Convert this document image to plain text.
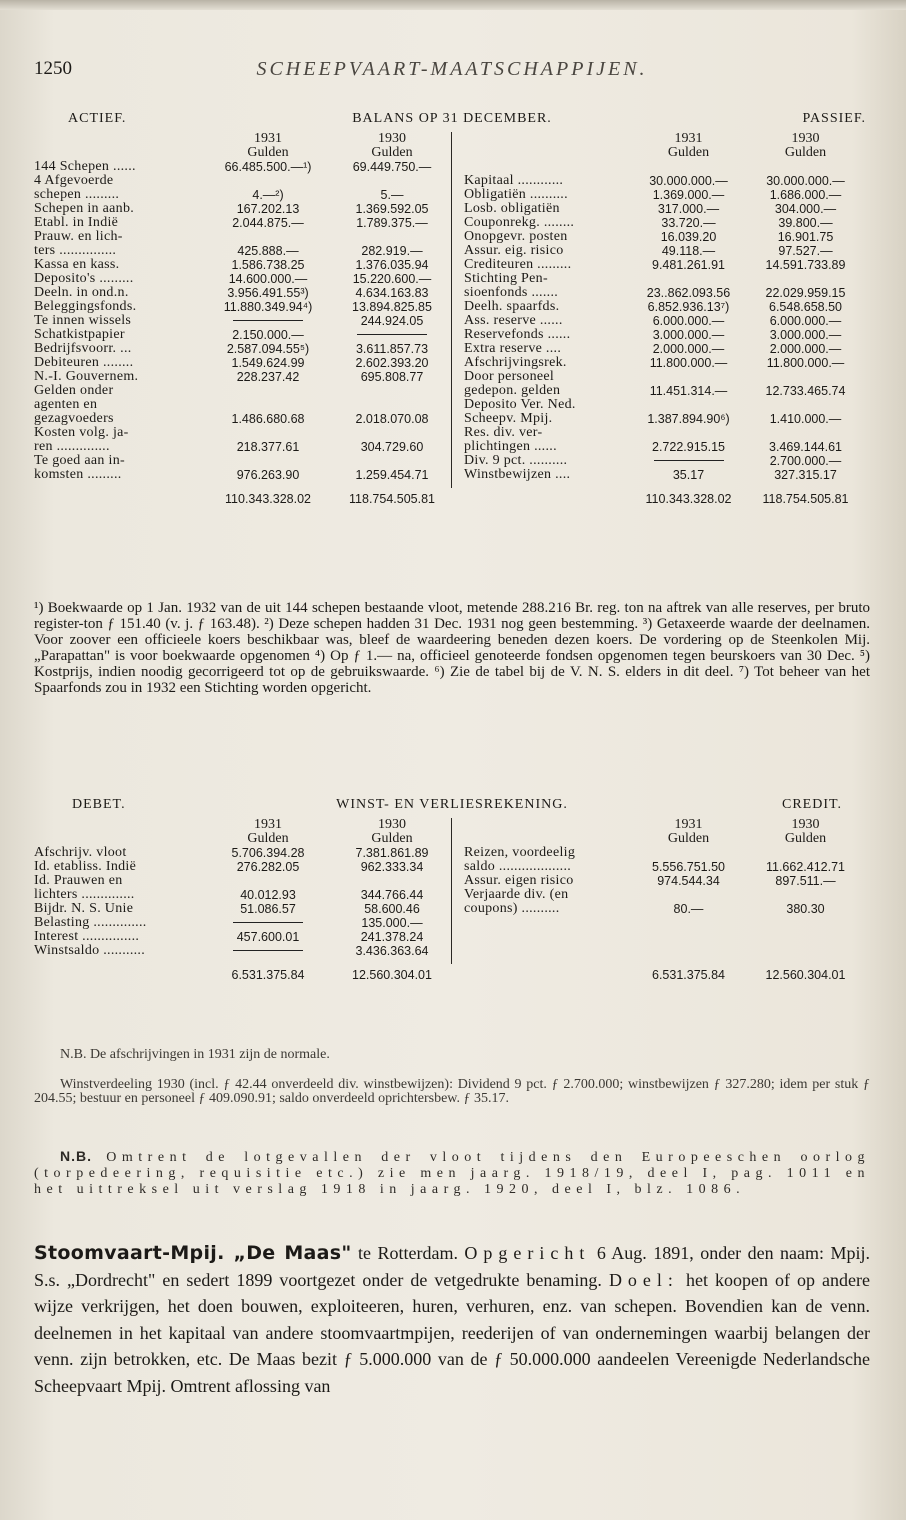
1250	SCHEEPVAART-MAATSCHAPPIJEN.
ACTIEF.	BALANS OP 31 DECEMBER.	PASSIEF.
	1931	1930
	Gulden	Gulden
144 Schepen ......	66.485.500.—¹)	69.449.750.—
4 Afgevoerde		
schepen .........	4.—²)	5.—
Schepen in aanb.	167.202.13	1.369.592.05
Etabl. in Indië	2.044.875.—	1.789.375.—
Prauw. en lich-		
ters ...............	425.888.—	282.919.—
Kassa en kass.	1.586.738.25	1.376.035.94
Deposito's .........	14.600.000.—	15.220.600.—
Deeln. in ond.n.	3.956.491.55³)	4.634.163.83
Beleggingsfonds.	11.880.349.94⁴)	13.894.825.85
Te innen wissels		244.924.05
Schatkistpapier	2.150.000.—	
Bedrijfsvoorr. ...	2.587.094.55⁵)	3.611.857.73
Debiteuren ........	1.549.624.99	2.602.393.20
N.-I. Gouvernem.	228.237.42	695.808.77
Gelden onder		
agenten en		
gezagvoeders	1.486.680.68	2.018.070.08
Kosten volg. ja-		
ren ..............	218.377.61	304.729.60
Te goed aan in-		
komsten .........	976.263.90	1.259.454.71
	110.343.328.02	118.754.505.81
	1931	1930
	Gulden	Gulden

Kapitaal ............	30.000.000.—	30.000.000.—
Obligatiën ..........	1.369.000.—	1.686.000.—
Losb. obligatiën	317.000.—	304.000.—
Couponrekg. ........	33.720.—	39.800.—
Onopgevr. posten	16.039.20	16.901.75
Assur. eig. risico	49.118.—	97.527.—
Crediteuren .........	9.481.261.91	14.591.733.89
Stichting Pen-		
sioenfonds .......	23..862.093.56	22.029.959.15
Deelh. spaarfds.	6.852.936.13⁷)	6.548.658.50
Ass. reserve ......	6.000.000.—	6.000.000.—
Reservefonds ......	3.000.000.—	3.000.000.—
Extra reserve ....	2.000.000.—	2.000.000.—
Afschrijvingsrek.	11.800.000.—	11.800.000.—
Door personeel		
gedepon. gelden	11.451.314.—	12.733.465.74
Deposito Ver. Ned.		
Scheepv. Mpij.	1.387.894.90⁶)	1.410.000.—
Res. div. ver-		
plichtingen ......	2.722.915.15	3.469.144.61
Div. 9 pct. ..........		2.700.000.—
Winstbewijzen ....	35.17	327.315.17
	110.343.328.02	118.754.505.81
¹) Boekwaarde op 1 Jan. 1932 van de uit 144 schepen bestaande vloot, metende 288.216 Br. reg. ton na aftrek van alle reserves, per bruto register-ton ƒ 151.40 (v. j. ƒ 163.48). ²) Deze schepen hadden 31 Dec. 1931 nog geen bestemming. ³) Getaxeerde waarde der deelnamen. Voor zoover een officieele koers beschikbaar was, bleef de waardeering beneden dezen koers. De vordering op de Steenkolen Mij. „Parapattan" is voor boekwaarde opgenomen ⁴) Op ƒ 1.— na, officieel genoteerde fondsen opgenomen tegen beurskoers van 30 Dec. ⁵) Kostprijs, indien noodig gecorrigeerd tot op de gebruikswaarde. ⁶) Zie de tabel bij de V. N. S. elders in dit deel. ⁷) Tot beheer van het Spaarfonds zou in 1932 een Stichting worden opgericht.
DEBET.	WINST- EN VERLIESREKENING.	CREDIT.
	1931	1930
	Gulden	Gulden
Afschrijv. vloot	5.706.394.28	7.381.861.89
Id. etabliss. Indië	276.282.05	962.333.34
Id. Prauwen en		
lichters ..............	40.012.93	344.766.44
Bijdr. N. S. Unie	51.086.57	58.600.46
Belasting ..............		135.000.—
Interest ...............	457.600.01	241.378.24
Winstsaldo ...........		3.436.363.64
	6.531.375.84	12.560.304.01
	1931	1930
	Gulden	Gulden
Reizen, voordeelig		
saldo ...................	5.556.751.50	11.662.412.71
Assur. eigen risico	974.544.34	897.511.—
Verjaarde div. (en		
coupons) ..........	80.—	380.30

	6.531.375.84	12.560.304.01
N.B. De afschrijvingen in 1931 zijn de normale.
Winstverdeeling 1930 (incl. ƒ 42.44 onverdeeld div. winstbewijzen): Dividend 9 pct. ƒ 2.700.000; winstbewijzen ƒ 327.280; idem per stuk ƒ 204.55; bestuur en personeel ƒ 409.090.91; saldo onverdeeld oprichtersbew. ƒ 35.17.
N.B. Omtrent de lotgevallen der vloot tijdens den Europeeschen oorlog (torpedeering, requisitie etc.) zie men jaarg. 1918/19, deel I, pag. 1011 en het uittreksel uit verslag 1918 in jaarg. 1920, deel I, blz. 1086.
Stoomvaart-Mpij. „De Maas" te Rotterdam. Opgericht 6 Aug. 1891, onder den naam: Mpij. S.s. „Dordrecht" en sedert 1899 voortgezet onder de vetgedrukte benaming. Doel: het koopen of op andere wijze verkrijgen, het doen bouwen, exploiteeren, huren, verhuren, enz. van schepen. Bovendien kan de venn. deelnemen in het kapitaal van andere stoomvaartmpijen, reederijen of van ondernemingen waarbij belangen der venn. zijn betrokken, etc. De Maas bezit ƒ 5.000.000 van de ƒ 50.000.000 aandeelen Vereenigde Nederlandsche Scheepvaart Mpij. Omtrent aflossing van
